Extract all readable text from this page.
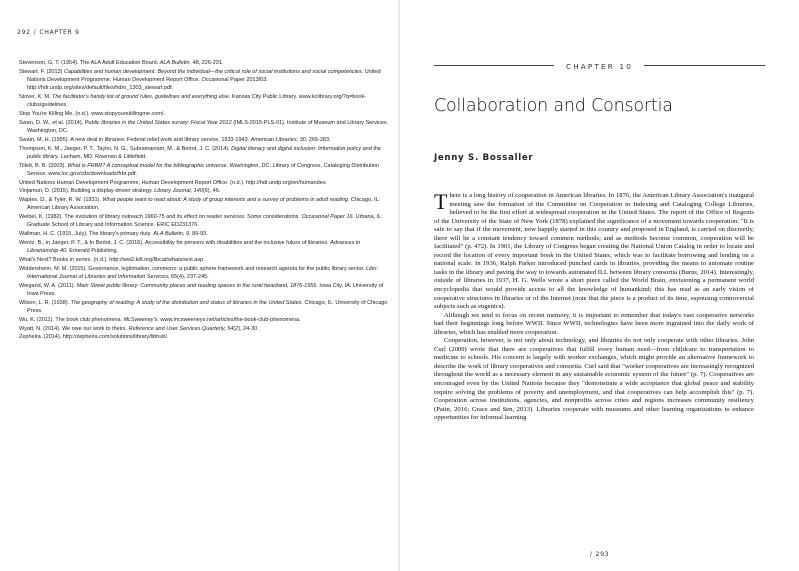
292 / CHAPTER 9

Stevenson, G. T. (1954). The ALA Adult Education Board. ALA Bulletin, 48, 226-231.

Stewart, F. (2013) Capabilities and human development: Beyond the individual—the critical role of social institutions and social competencies. United Nations Development Programme. Human Development Report Office. Occasional Paper 2013/03. http://hdr.undp.org/sites/default/files/hdro_1303_stewart.pdf.

Stover, K. M. The facilitator's handy list of ground rules, guidelines and everything else. Kansas City Public Library. www.kclibrary.org/?q=book-clubs/guidelines.

Stop You're Killing Me. (n.d.). www.stopyourekillingme.com/.

Swan, D. W., et al. (2014). Public libraries in the United States survey: Fiscal Year 2012 (IMLS-2015-PLS-01). Institute of Museum and Library Services. Washington, DC.

Swain, M. H. (1995). A new deal in libraries: Federal relief work and library service, 1933-1943. American Libraries, 30, 265-283.

Thompson, K. M., Jaeger, P. T., Taylor, N. G., Subramaniam, M., & Bertot, J. C. (2014). Digital literacy and digital inclusion: Information policy and the public library. Lanham, MD: Rowman & Littlefield.

Tillett, B. B. (2003). What is FRBR? A conceptual model for the bibliographic universe. Washington, DC: Library of Congress, Cataloging Distribution Service. www.loc.gov/cds/downloads/frbr.pdf.

United Nations Human Development Programme, Human Development Report Office. (n.d.). http://hdr.undp.org/en/humandev.

Vinjamuri, D. (2015). Building a display-driven strategy. Library Journal, 140(6), 46.

Waples, D., & Tyler, R. W. (1931). What people want to read about: A study of group interests and a survey of problems in adult reading. Chicago, IL: American Library Association.

Weibel, K. (1982). The evolution of library outreach 1960-75 and its effect on reader services: Some considerations. Occasional Paper 16. Urbana, IL: Graduate School of Library and Information Science. ERIC ED231376.

Wallman, H. C. (1915, July). The library's primary duty. ALA Bulletin, 9, 89-93.

Wentz, B., in Jaeger, P. T., & In Bertot, J. C. (2015). Accessibility for persons with disabilities and the inclusive future of libraries. Advances in Librarianship 40. Emerald Publishing.

What's Next? Books in series. (n.d.). http://ww2.kdl.org/libcat/whatsnext.asp.

Widdersheim, M. M. (2015). Governance, legitimation, commons: a public sphere framework and research agenda for the public library sector. Libri: International Journal of Libraries and Information Services, 65(4), 237-245.

Wiegand, W. A. (2011). Main Street public library: Community places and reading spaces in the rural heartland, 1876-1956. Iowa City, IA: University of Iowa Press.

Wilson, L. R. (1938). The geography of reading: A study of the distribution and status of libraries in the United States. Chicago, IL: University of Chicago Press.

Wu, K. (2011). The book club phenomena. McSweeney's. www.mcsweeneys.net/articles/the-book-club-phenomena.

Wyatt, N. (2014). We owe our work to theirs. Reference and User Services Quarterly, 54(2), 24-30.

Zepheira. (2014). http://zepheira.com/solutions/library/libhub/.

CHAPTER 10
Collaboration and Consortia
Jenny S. Bossaller

There is a long history of cooperation in American libraries. In 1876, the American Library Association's inaugural meeting saw the formation of the Committee on Cooperation in Indexing and Cataloging College Libraries, believed to be the first effort at widespread cooperation in the United States. The report of the Office of Regents of the University of the State of New York (1878) explained the significance of a movement towards cooperation: "It is safe to say that if the movement, now happily started in this country and proposed in England, is carried on discreetly, there will be a constant tendency toward common methods; and as methods become common, cooperation will be facilitated" (p. 472). In 1901, the Library of Congress began creating the National Union Catalog in order to locate and record the location of every important book in the United States, which was to facilitate borrowing and lending on a national scale. In 1936, Ralph Parker introduced punched cards in libraries, providing the means to automate routine tasks in the library and paving the way to towards automated ILL between library consortia (Burns, 2014). Interestingly, outside of libraries in 1937, H. G. Wells wrote a short piece called the World Brain, envisioning a permanent world encyclopedia that would provide access to all the knowledge of humankind; this has read as an early vision of cooperative structures in libraries or of the Internet (note that the piece is a product of its time, espousing controversial subjects such as eugenics).

Although we tend to focus on recent memory, it is important to remember that today's vast cooperative networks had their beginnings long before WWII. Since WWII, technologies have been more ingrained into the daily work of libraries, which has enabled more cooperation.

Cooperation, however, is not only about technology, and libraries do not only cooperate with other libraries. John Curl (2009) wrote that there are cooperatives that fulfill every human need—from childcare to transportation to medicine to schools. His concern is largely with worker exchanges, which might provide an alternative framework to describe the work of library cooperatives and consortia. Curl said that "worker cooperatives are increasingly recognized throughout the world as a necessary element in any sustainable economic system of the future" (p. 7). Cooperatives are encouraged even by the United Nations because they "demonstrate a wide acceptance that global peace and stability require solving the problems of poverty and unemployment, and that cooperatives can help accomplish this" (p. 7). Cooperation across institutions, agencies, and nonprofits across cities and regions increases community resiliency (Patin, 2016; Grace and Sen, 2013). Libraries cooperate with museums and other learning organizations to enhance opportunities for informal learning

/ 293
